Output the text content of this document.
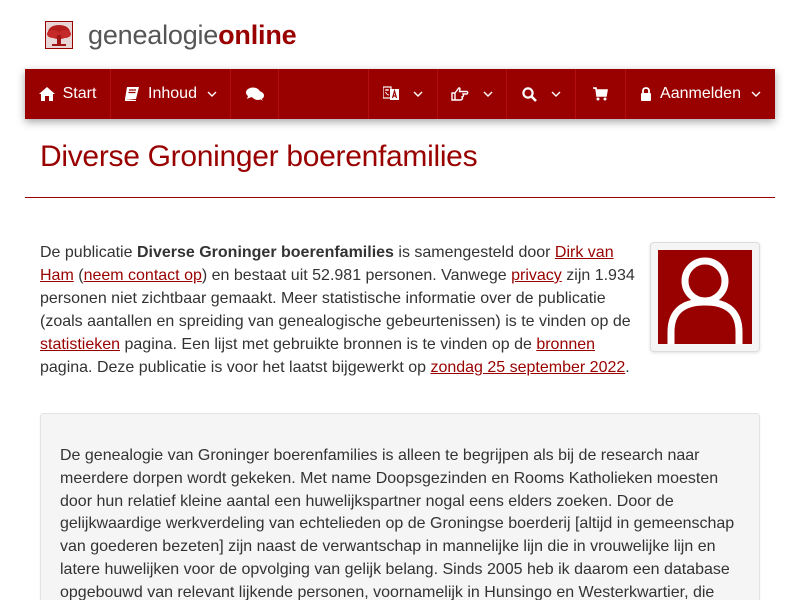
genealogieonline
Start	Inhoud	Aanmelden
Diverse Groninger boerenfamilies

De publicatie Diverse Groninger boerenfamilies is samengesteld door Dirk van Ham (neem contact op) en bestaat uit 52.981 personen. Vanwege privacy zijn 1.934 personen niet zichtbaar gemaakt. Meer statistische informatie over de publicatie (zoals aantallen en spreiding van genealogische gebeurtenissen) is te vinden op de statistieken pagina. Een lijst met gebruikte bronnen is te vinden op de bronnen pagina. Deze publicatie is voor het laatst bijgewerkt op zondag 25 september 2022.

De genealogie van Groninger boerenfamilies is alleen te begrijpen als bij de research naar meerdere dorpen wordt gekeken. Met name Doopsgezinden en Rooms Katholieken moesten door hun relatief kleine aantal een huwelijkspartner nogal eens elders zoeken. Door de gelijkwaardige werkverdeling van echtelieden op de Groningse boerderij [altijd in gemeenschap van goederen bezeten] zijn naast de verwantschap in mannelijke lijn die in vrouwelijke lijn en latere huwelijken voor de opvolging van gelijk belang. Sinds 2005 heb ik daarom een database opgebouwd van relevant lijkende personen, voornamelijk in Hunsingo en Westerkwartier, die
